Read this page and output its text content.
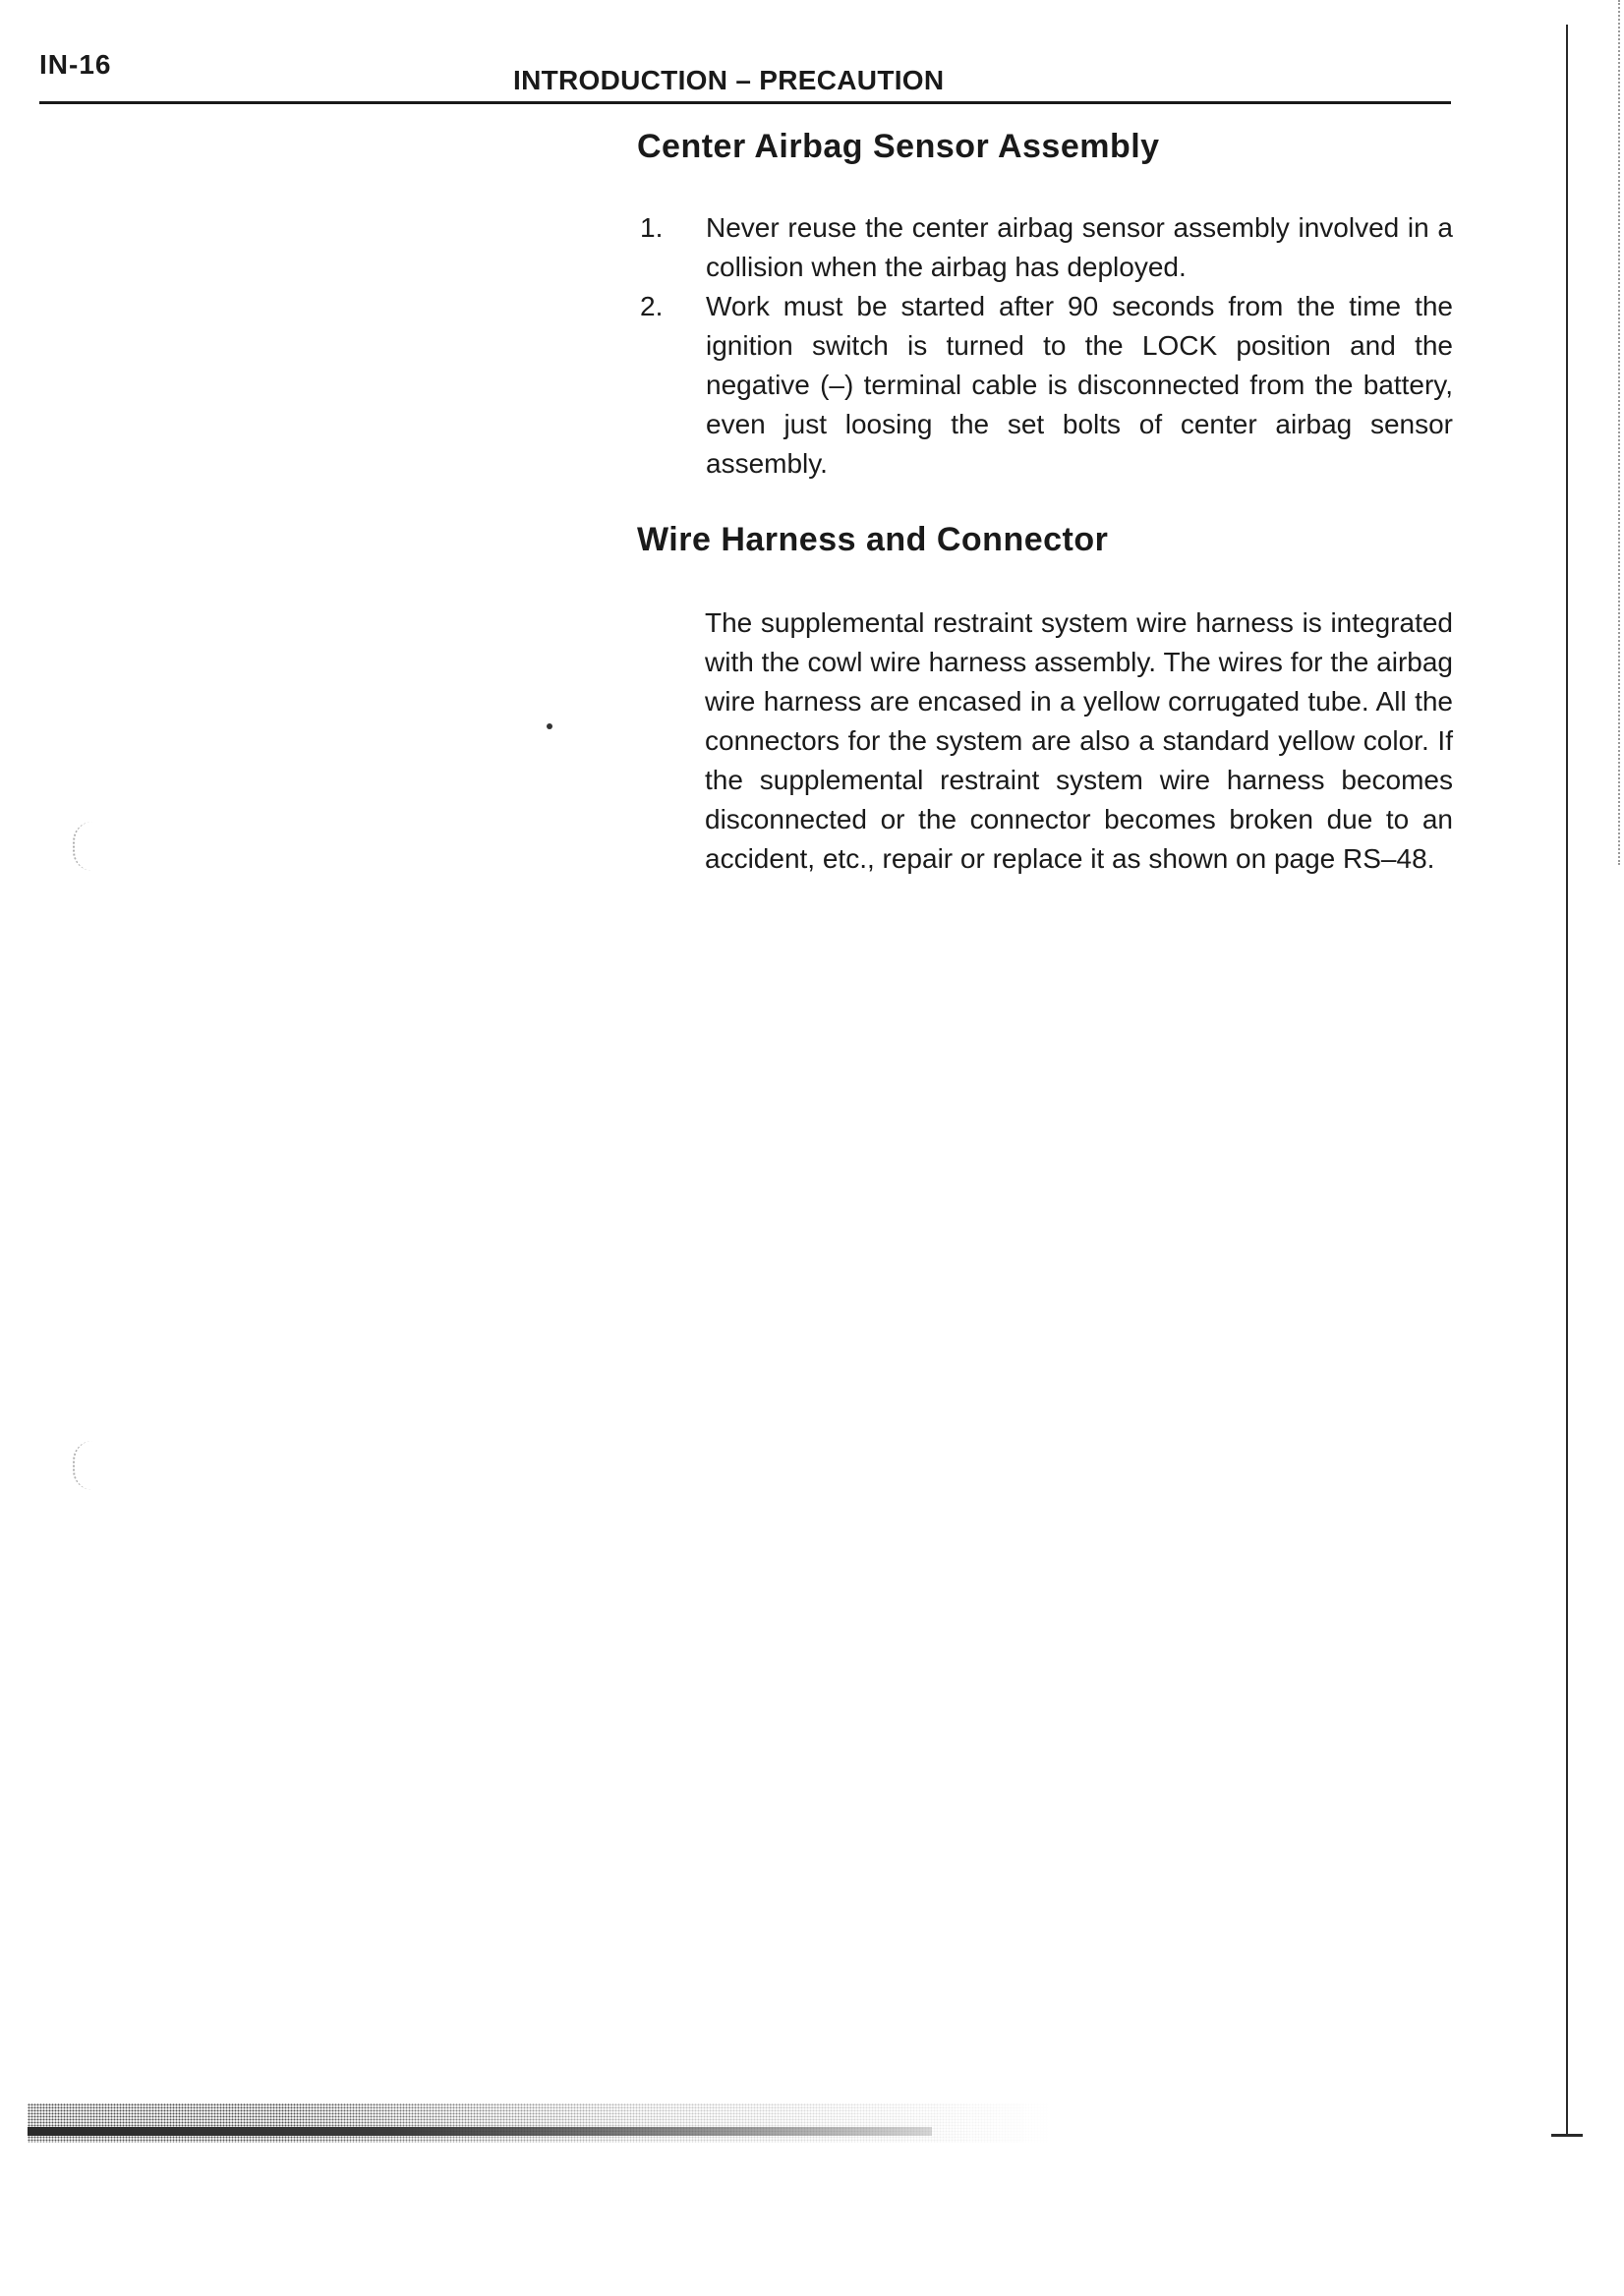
IN-16
INTRODUCTION – PRECAUTION
Center Airbag Sensor Assembly
1. Never reuse the center airbag sensor assembly involved in a collision when the airbag has deployed.
2. Work must be started after 90 seconds from the time the ignition switch is turned to the LOCK position and the negative (–) terminal cable is disconnected from the battery, even just loosing the set bolts of center airbag sensor assembly.
Wire Harness and Connector

The supplemental restraint system wire harness is integrated with the cowl wire harness assembly. The wires for the airbag wire harness are encased in a yellow corrugated tube. All the connectors for the system are also a standard yellow color. If the supplemental restraint system wire harness becomes disconnected or the connector becomes broken due to an accident, etc., repair or replace it as shown on page RS–48.
